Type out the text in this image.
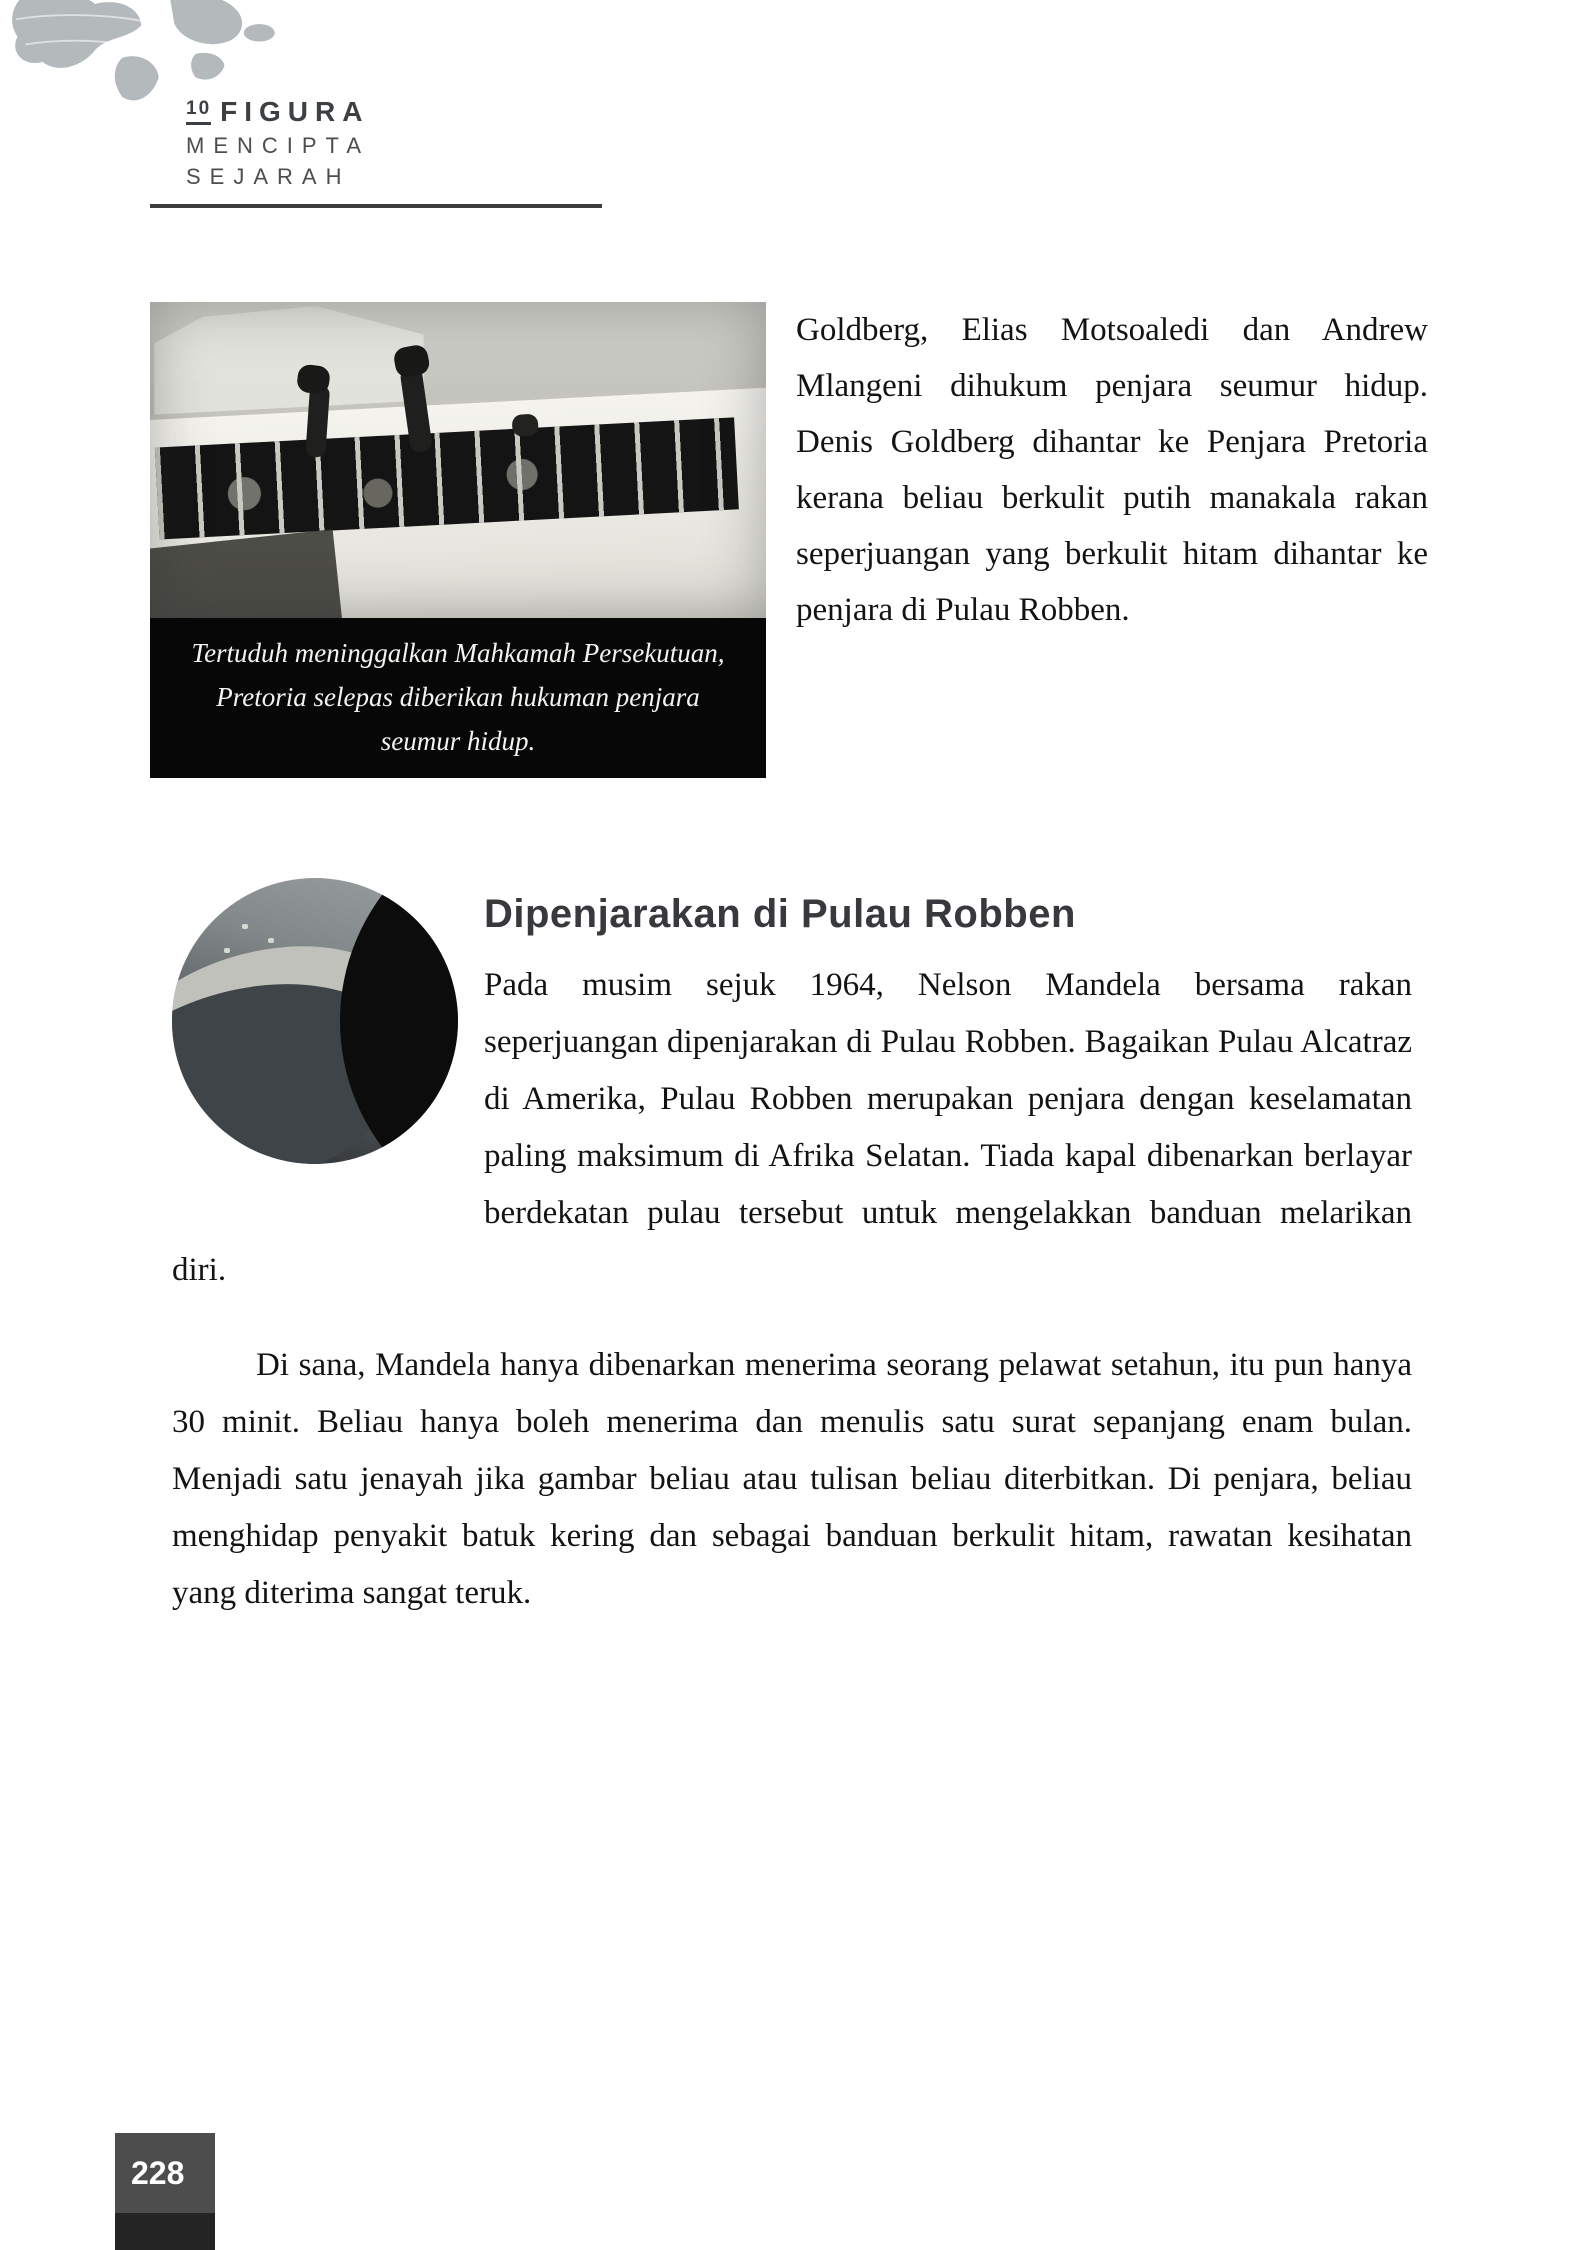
10 FIGURA
MENCIPTA
SEJARAH
Tertuduh meninggalkan Mahkamah Persekutuan, Pretoria selepas diberikan hukuman penjara seumur hidup.

Goldberg, Elias Motsoaledi dan Andrew Mlangeni dihukum penjara seumur hidup. Denis Goldberg dihantar ke Penjara Pretoria kerana beliau berkulit putih manakala rakan seperjuangan yang berkulit hitam dihantar ke penjara di Pulau Robben.

Dipenjarakan di Pulau Robben

Pada musim sejuk 1964, Nelson Mandela bersama rakan seperjuangan dipenjarakan di Pulau Robben. Bagaikan Pulau Alcatraz di Amerika, Pulau Robben merupakan penjara dengan keselamatan paling maksimum di Afrika Selatan. Tiada kapal dibenarkan berlayar berdekatan pulau tersebut untuk mengelakkan banduan melarikan diri.

Di sana, Mandela hanya dibenarkan menerima seorang pelawat setahun, itu pun hanya 30 minit. Beliau hanya boleh menerima dan menulis satu surat sepanjang enam bulan. Menjadi satu jenayah jika gambar beliau atau tulisan beliau diterbitkan. Di penjara, beliau menghidap penyakit batuk kering dan sebagai banduan berkulit hitam, rawatan kesihatan yang diterima sangat teruk.

228
